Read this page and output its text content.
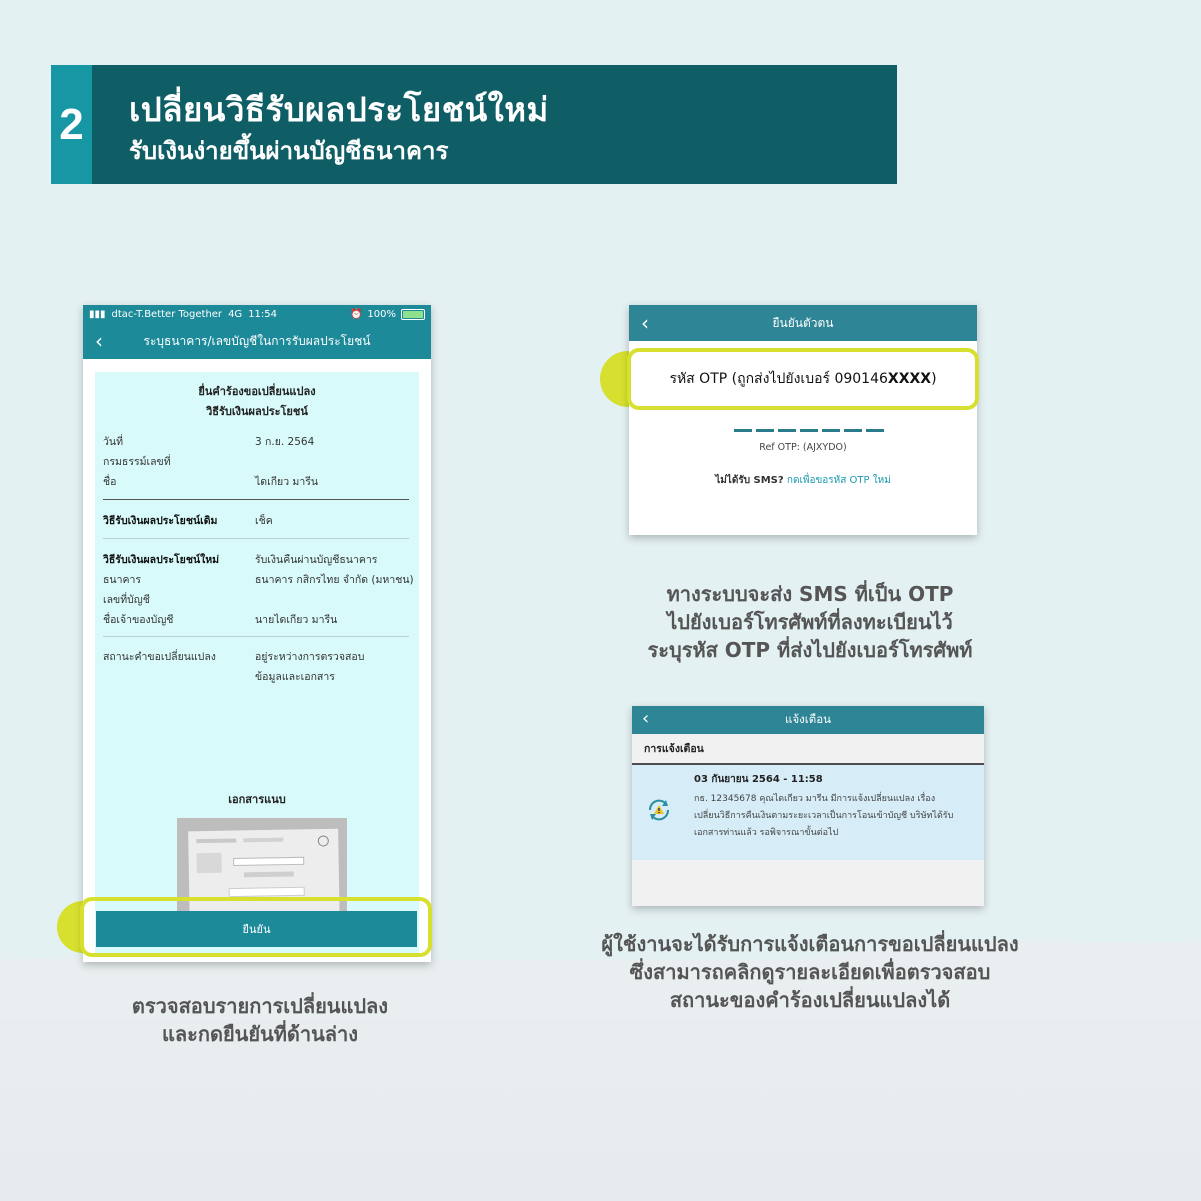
2 เปลี่ยนวิธีรับผลประโยชน์ใหม่
รับเงินง่ายขึ้นผ่านบัญชีธนาคาร
▮▮▮ dtac-T.Better Together 4G 11:54	⏰ 100%
‹	ระบุธนาคาร/เลขบัญชีในการรับผลประโยชน์
ยื่นคำร้องขอเปลี่ยนแปลง
วิธีรับเงินผลประโยชน์
วันที่	3 ก.ย. 2564
กรมธรรม์เลขที่
ชื่อ	ไดเกียว มารีน
วิธีรับเงินผลประโยชน์เดิม	เช็ค
วิธีรับเงินผลประโยชน์ใหม่	รับเงินคืนผ่านบัญชีธนาคาร
ธนาคาร	ธนาคาร กสิกรไทย จำกัด (มหาชน)
เลขที่บัญชี
ชื่อเจ้าของบัญชี	นายไดเกียว มารีน
สถานะคำขอเปลี่ยนแปลง	อยู่ระหว่างการตรวจสอบ
ข้อมูลและเอกสาร
เอกสารแนบ
ยืนยัน
ตรวจสอบรายการเปลี่ยนแปลง
และกดยืนยันที่ด้านล่าง
‹	ยืนยันตัวตน
รหัส OTP (ถูกส่งไปยังเบอร์ 090146XXXX)
Ref OTP: (AJXYDO)
ไม่ได้รับ SMS? กดเพื่อขอรหัส OTP ใหม่
ทางระบบจะส่ง SMS ที่เป็น OTP
ไปยังเบอร์โทรศัพท์ที่ลงทะเบียนไว้
ระบุรหัส OTP ที่ส่งไปยังเบอร์โทรศัพท์
‹	แจ้งเตือน
การแจ้งเตือน
03 กันยายน 2564 - 11:58
กธ. 12345678 คุณไดเกียว มารีน มีการแจ้งเปลี่ยนแปลง เรื่อง
เปลี่ยนวิธีการคืนเงินตามระยะเวลาเป็นการโอนเข้าบัญชี บริษัทได้รับ
เอกสารท่านแล้ว รอพิจารณาขั้นต่อไป
ผู้ใช้งานจะได้รับการแจ้งเตือนการขอเปลี่ยนแปลง
ซึ่งสามารถคลิกดูรายละเอียดเพื่อตรวจสอบ
สถานะของคำร้องเปลี่ยนแปลงได้
